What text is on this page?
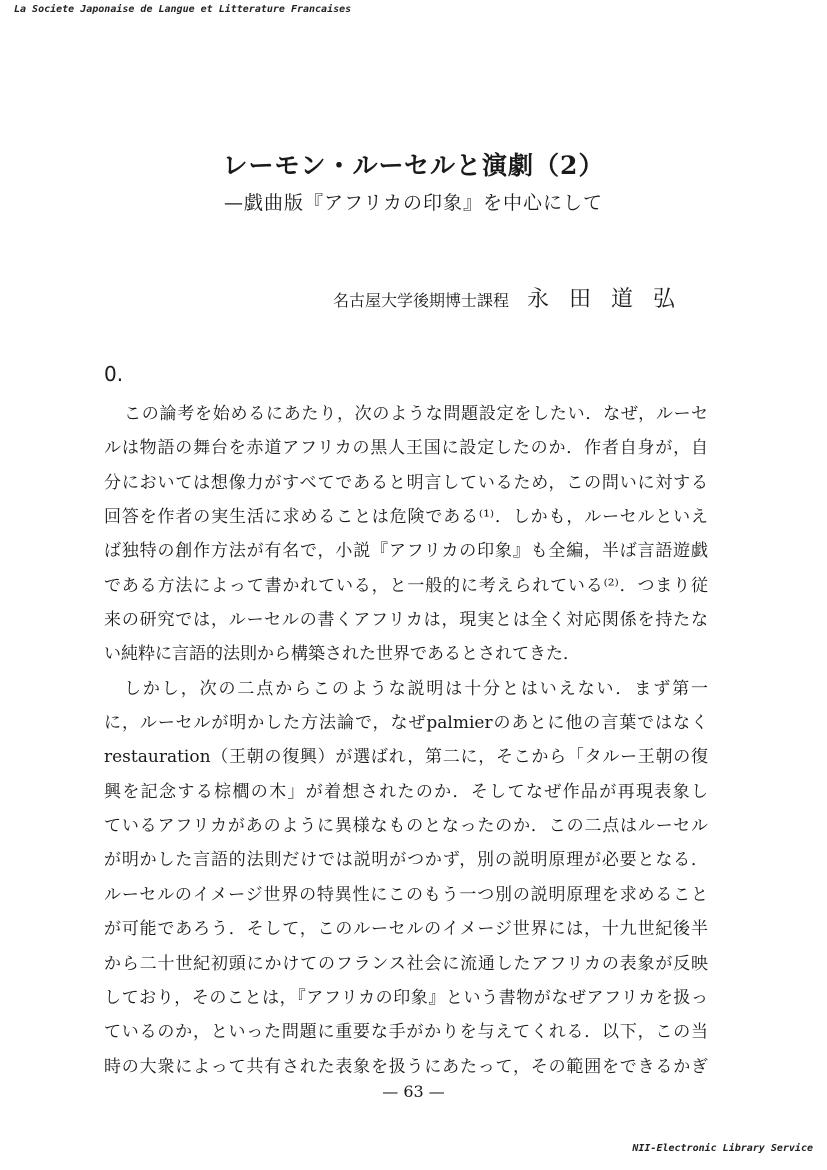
La Societe Japonaise de Langue et Litterature Francaises
レーモン・ルーセルと演劇（2）
—戯曲版『アフリカの印象』を中心にして
名古屋大学後期博士課程 永田道弘
0.
この論考を始めるにあたり，次のような問題設定をしたい．なぜ，ルーセ
ルは物語の舞台を赤道アフリカの黒人王国に設定したのか．作者自身が，自
分においては想像力がすべてであると明言しているため，この問いに対する
回答を作者の実生活に求めることは危険である⁽¹⁾．しかも，ルーセルといえ
ば独特の創作方法が有名で，小説『アフリカの印象』も全編，半ば言語遊戯
である方法によって書かれている，と一般的に考えられている⁽²⁾．つまり従
来の研究では，ルーセルの書くアフリカは，現実とは全く対応関係を持たな
い純粋に言語的法則から構築された世界であるとされてきた．
しかし，次の二点からこのような説明は十分とはいえない．まず第一
に，ルーセルが明かした方法論で，なぜpalmierのあとに他の言葉ではなく
restauration（王朝の復興）が選ばれ，第二に，そこから「タルー王朝の復
興を記念する棕櫚の木」が着想されたのか．そしてなぜ作品が再現表象し
ているアフリカがあのように異様なものとなったのか．この二点はルーセル
が明かした言語的法則だけでは説明がつかず，別の説明原理が必要となる．
ルーセルのイメージ世界の特異性にこのもう一つ別の説明原理を求めること
が可能であろう．そして，このルーセルのイメージ世界には，十九世紀後半
から二十世紀初頭にかけてのフランス社会に流通したアフリカの表象が反映
しており，そのことは，『アフリカの印象』という書物がなぜアフリカを扱っ
ているのか，といった問題に重要な手がかりを与えてくれる．以下，この当
時の大衆によって共有された表象を扱うにあたって，その範囲をできるかぎ
— 63 —
NII-Electronic Library Service
